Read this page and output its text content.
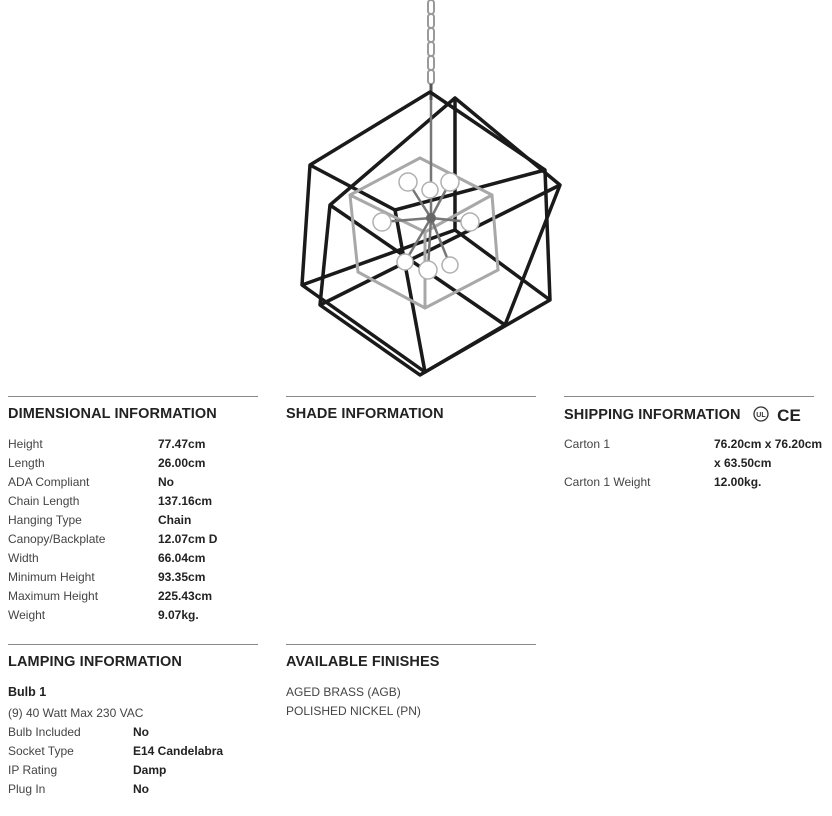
DIMENSIONAL INFORMATION
Height	77.47cm
Length	26.00cm
ADA Compliant	No
Chain Length	137.16cm
Hanging Type	Chain
Canopy/Backplate	12.07cm D
Width	66.04cm
Minimum Height	93.35cm
Maximum Height	225.43cm
Weight	9.07kg.
SHADE INFORMATION	SHIPPING INFORMATION UL CE
Carton 1	76.20cm x 76.20cm
x 63.50cm
Carton 1 Weight	12.00kg.
LAMPING INFORMATION
Bulb 1
(9) 40 Watt Max 230 VAC
Bulb Included	No
Socket Type	E14 Candelabra
IP Rating	Damp
Plug In	No
AVAILABLE FINISHES
AGED BRASS (AGB)
POLISHED NICKEL (PN)
